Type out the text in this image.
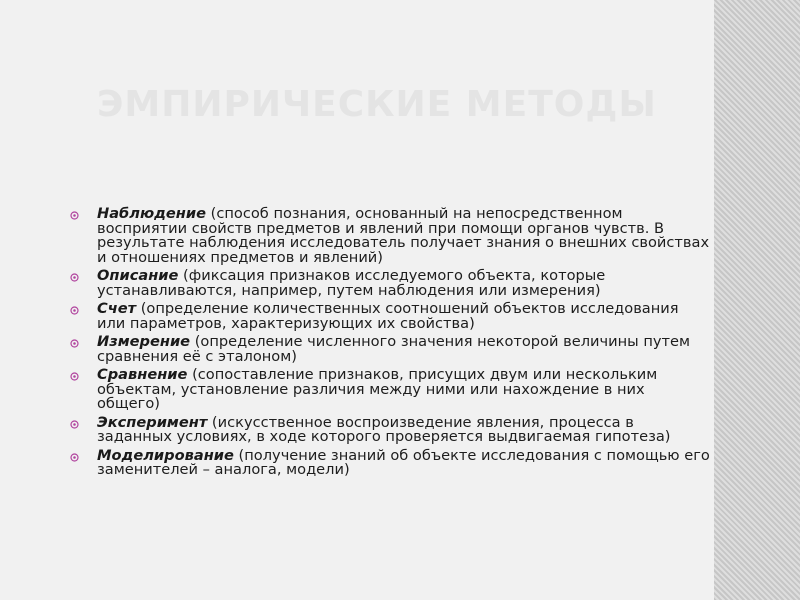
ЭМПИРИЧЕСКИЕ МЕТОДЫ
Наблюдение (способ познания, основанный на непосредственном восприятии свойств предметов и явлений при помощи органов чувств. В результате наблюдения исследователь получает знания о внешних свойствах и отношениях предметов и явлений)
Описание (фиксация признаков исследуемого объекта, которые устанавливаются, например, путем наблюдения или измерения)
Счет (определение количественных соотношений объектов исследования или параметров, характеризующих их свойства)
Измерение (определение численного значения некоторой величины путем сравнения её с эталоном)
Сравнение (сопоставление признаков, присущих двум или нескольким объектам, установление различия между ними или нахождение в них общего)
Эксперимент (искусственное воспроизведение явления, процесса в заданных условиях, в ходе которого проверяется выдвигаемая гипотеза)
Моделирование (получение знаний об объекте исследования с помощью его заменителей – аналога, модели)
